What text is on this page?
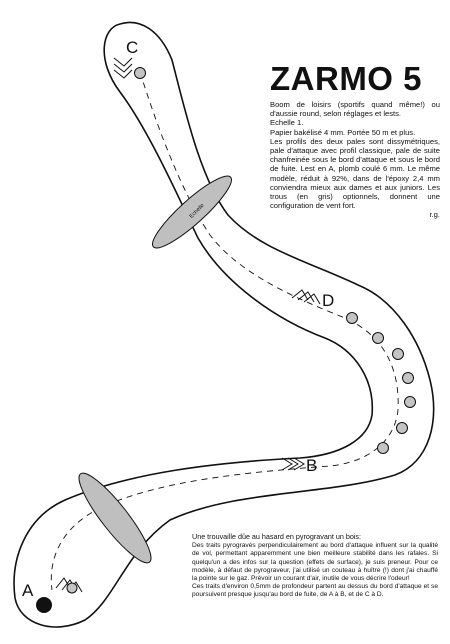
C
D
B
A
Echelle
ZARMO 5

Boom de loisirs (sportifs quand même!) ou d'aussie round, selon réglages et lests.

Echelle 1.

Papier bakélisé 4 mm. Portée 50 m et plus.

Les profils des deux pales sont dissymétriques, pale d'attaque avec profil classique, pale de suite chanfreinée sous le bord d'attaque et sous le bord de fuite. Lest en A, plomb coulé 6 mm. Le même modèle, réduit à 92%, dans de l'époxy 2,4 mm conviendra mieux aux dames et aux juniors. Les trous (en gris) optionnels, donnent une configuration de vent fort.

r.g.

Une trouvaille dûe au hasard en pyrogravant un bois:

Des traits pyrogravés perpendiculairement au bord d'attaque influent sur la qualité de vol, permettant apparemment une bien meilleure stabilité dans les rafales. Si quelqu'un a des infos sur la question (effets de surface), je suis preneur. Pour ce modèle, à défaut de pyrograveur, j'ai utilisé un couteau à huître (!) dont j'ai chauffé la pointe sur le gaz. Prévoir un courant d'air, inutile de vous décrire l'odeur!

Ces traits d'environ 0,5mm de profondeur partent au dessus du bord d'attaque et se poursuivent presque jusqu'au bord de fuite, de A à B, et de C à D.
